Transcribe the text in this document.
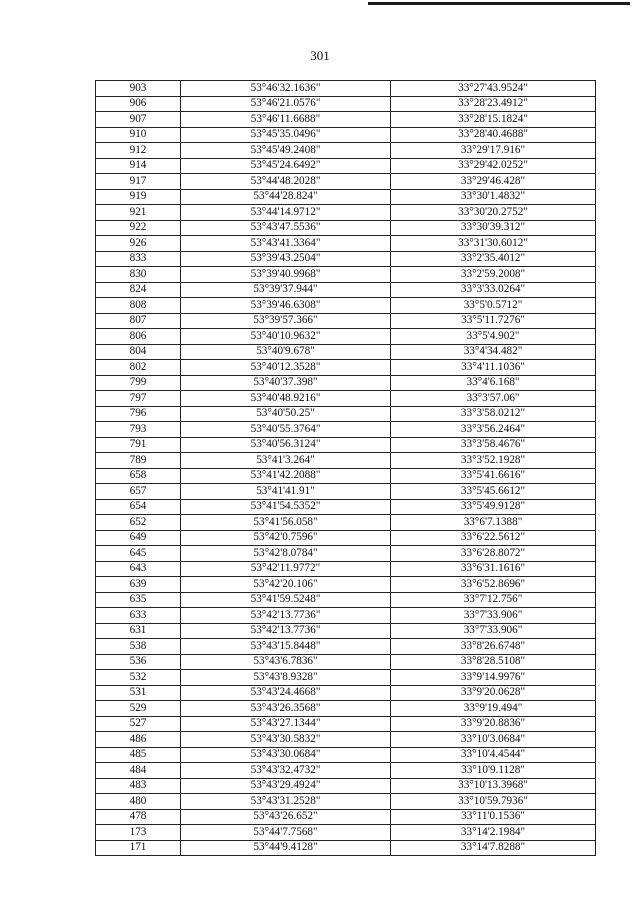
301
903	53°46'32.1636"	33°27'43.9524"
906	53°46'21.0576"	33°28'23.4912"
907	53°46'11.6688"	33°28'15.1824"
910	53°45'35.0496"	33°28'40.4688"
912	53°45'49.2408"	33°29'17.916"
914	53°45'24.6492"	33°29'42.0252"
917	53°44'48.2028"	33°29'46.428"
919	53°44'28.824"	33°30'1.4832"
921	53°44'14.9712"	33°30'20.2752"
922	53°43'47.5536"	33°30'39.312"
926	53°43'41.3364"	33°31'30.6012"
833	53°39'43.2504"	33°2'35.4012"
830	53°39'40.9968"	33°2'59.2008"
824	53°39'37.944"	33°3'33.0264"
808	53°39'46.6308"	33°5'0.5712"
807	53°39'57.366"	33°5'11.7276"
806	53°40'10.9632"	33°5'4.902"
804	53°40'9.678"	33°4'34.482"
802	53°40'12.3528"	33°4'11.1036"
799	53°40'37.398"	33°4'6.168"
797	53°40'48.9216"	33°3'57.06"
796	53°40'50.25"	33°3'58.0212"
793	53°40'55.3764"	33°3'56.2464"
791	53°40'56.3124"	33°3'58.4676"
789	53°41'3.264"	33°3'52.1928"
658	53°41'42.2088"	33°5'41.6616"
657	53°41'41.91"	33°5'45.6612"
654	53°41'54.5352"	33°5'49.9128"
652	53°41'56.058"	33°6'7.1388"
649	53°42'0.7596"	33°6'22.5612"
645	53°42'8.0784"	33°6'28.8072"
643	53°42'11.9772"	33°6'31.1616"
639	53°42'20.106"	33°6'52.8696"
635	53°41'59.5248"	33°7'12.756"
633	53°42'13.7736"	33°7'33.906"
631	53°42'13.7736"	33°7'33.906"
538	53°43'15.8448"	33°8'26.6748"
536	53°43'6.7836"	33°8'28.5108"
532	53°43'8.9328"	33°9'14.9976"
531	53°43'24.4668"	33°9'20.0628"
529	53°43'26.3568"	33°9'19.494"
527	53°43'27.1344"	33°9'20.8836"
486	53°43'30.5832"	33°10'3.0684"
485	53°43'30.0684"	33°10'4.4544"
484	53°43'32.4732"	33°10'9.1128"
483	53°43'29.4924"	33°10'13.3968"
480	53°43'31.2528"	33°10'59.7936"
478	53°43'26.652"	33°11'0.1536"
173	53°44'7.7568"	33°14'2.1984"
171	53°44'9.4128"	33°14'7.8288"
